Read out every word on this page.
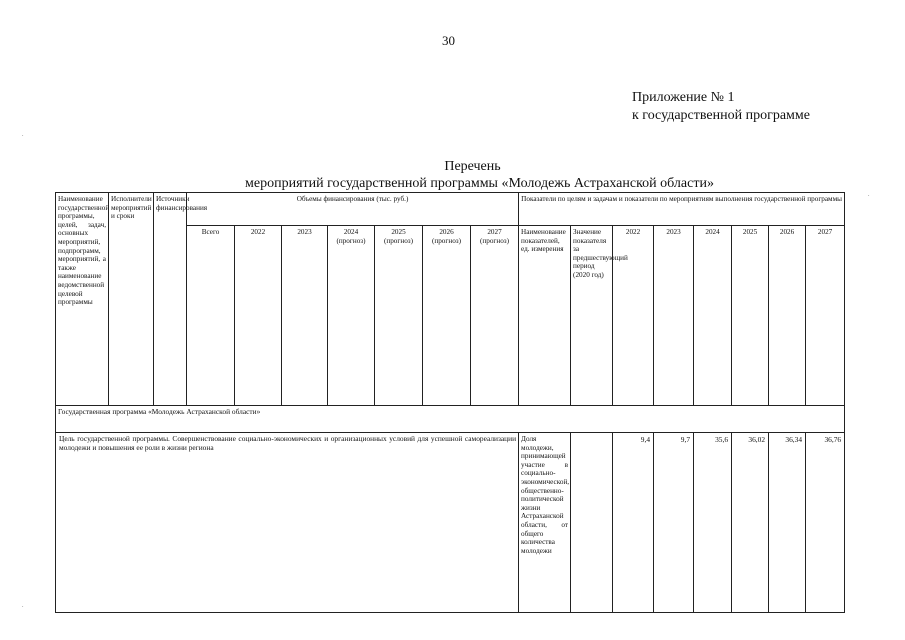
30
Приложение № 1
к государственной программе
Перечень
мероприятий государственной программы «Молодежь Астраханской области»
Наименование государственной программы, целей, задач, основных мероприятий, подпрограмм, мероприятий, а также наименование ведомственной целевой программы	Исполнители мероприятий и сроки	Источники финансирования	Объемы финансирования (тыс. руб.)							Показатели по целям и задачам и показатели по мероприятиям выполнения государственной программы							
			Всего	2022	2023	2024 (прогноз)	2025 (прогноз)	2026 (прогноз)	2027 (прогноз)	Наименование показателей, ед. измерения	Значение показателя за предшествующий период (2020 год)	2022	2023	2024	2025	2026	2027
Государственная программа «Молодежь Астраханской области»																	
Цель государственной программы. Совершенствование социально-экономических и организационных условий для успешной самореализации молодежи и повышения ее роли в жизни региона										Доля молодежи, принимающей участие в социально-экономической, общественно-политической жизни Астраханской области, от общего количества молодежи		9,4	9,7	35,6	36,02	36,34	36,76
.
.
.
